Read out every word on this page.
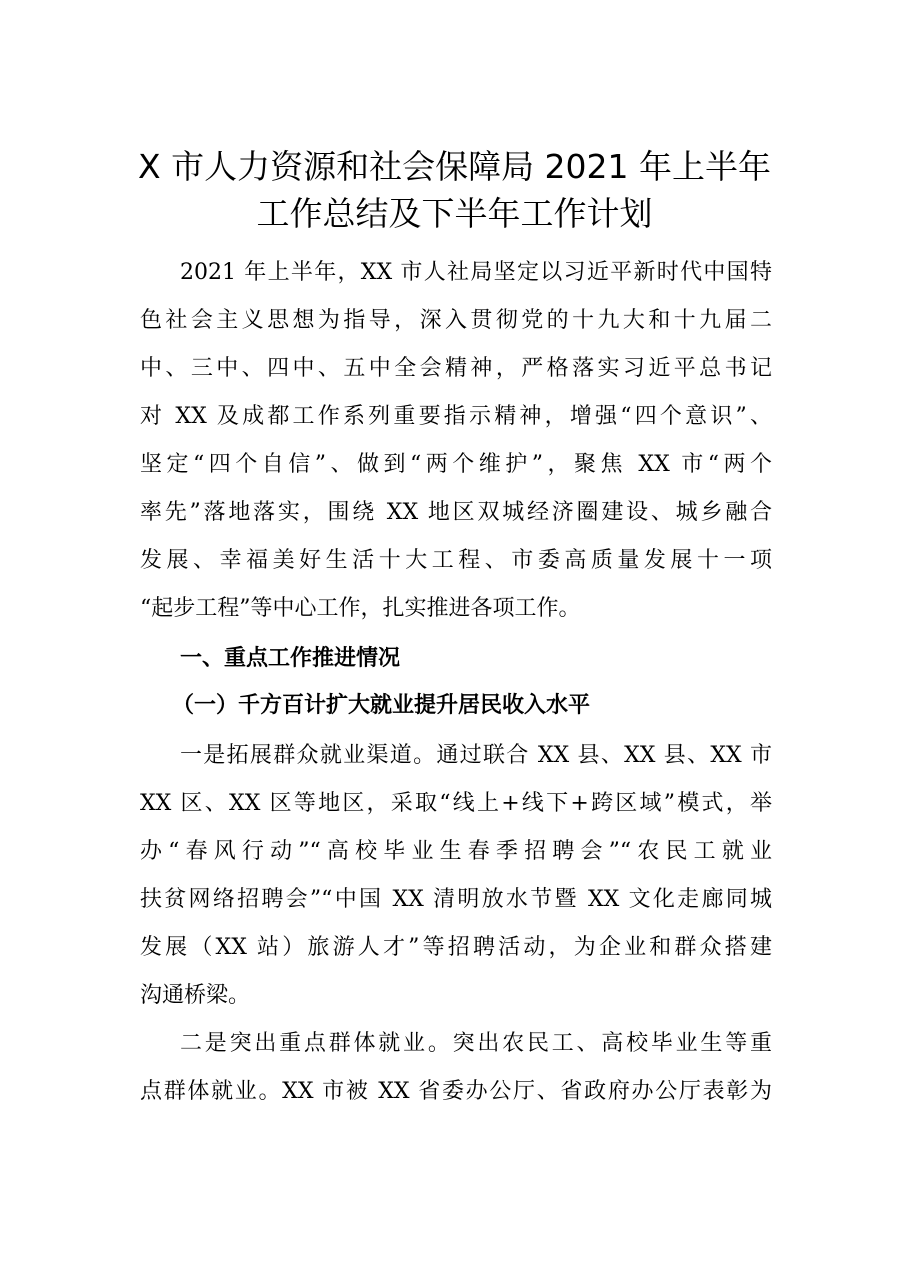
X 市人力资源和社会保障局 2021 年上半年
工作总结及下半年工作计划
2021 年上半年，XX 市人社局坚定以习近平新时代中国特
色社会主义思想为指导，深入贯彻党的十九大和十九届二
中、三中、四中、五中全会精神，严格落实习近平总书记
对 XX 及成都工作系列重要指示精神，增强“四个意识”、
坚定“四个自信”、做到“两个维护”，聚焦 XX 市“两个
率先”落地落实，围绕 XX 地区双城经济圈建设、城乡融合
发展、幸福美好生活十大工程、市委高质量发展十一项
“起步工程”等中心工作，扎实推进各项工作。
一、重点工作推进情况
（一）千方百计扩大就业提升居民收入水平
一是拓展群众就业渠道。通过联合 XX 县、XX 县、XX 市
XX 区、XX 区等地区，采取“线上+线下+跨区域”模式，举
办“春风行动”“高校毕业生春季招聘会”“农民工就业
扶贫网络招聘会”“中国 XX 清明放水节暨 XX 文化走廊同城
发展（XX 站）旅游人才”等招聘活动，为企业和群众搭建
沟通桥梁。
二是突出重点群体就业。突出农民工、高校毕业生等重
点群体就业。XX 市被 XX 省委办公厅、省政府办公厅表彰为
